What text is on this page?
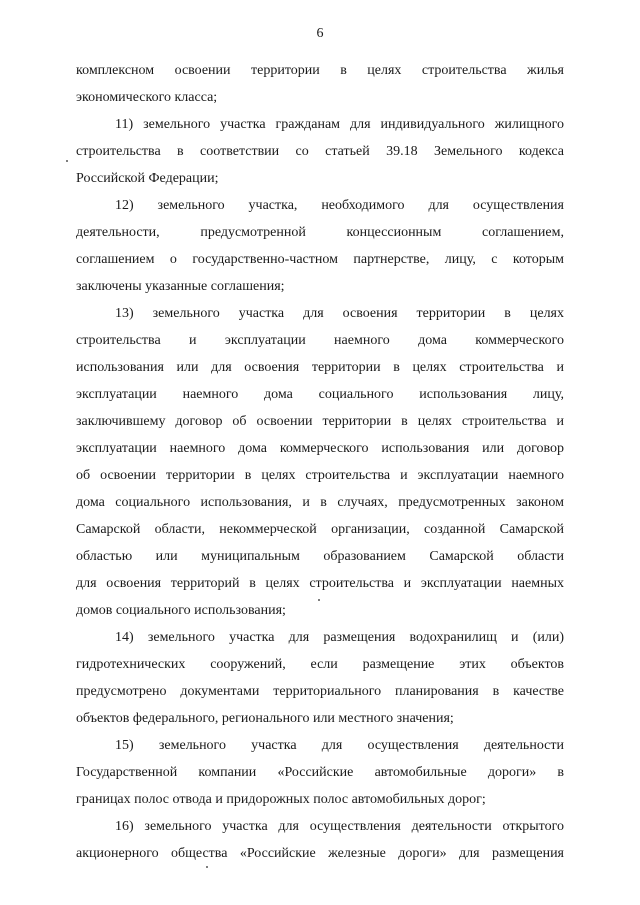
6

комплексном освоении территории в целях строительства жилья
экономического класса;

11) земельного участка гражданам для индивидуального жилищного
строительства в соответствии со статьей 39.18 Земельного кодекса
Российской Федерации;

12) земельного участка, необходимого для осуществления
деятельности, предусмотренной концессионным соглашением,
соглашением о государственно-частном партнерстве, лицу, с которым
заключены указанные соглашения;

13) земельного участка для освоения территории в целях
строительства и эксплуатации наемного дома коммерческого
использования или для освоения территории в целях строительства и
эксплуатации наемного дома социального использования лицу,
заключившему договор об освоении территории в целях строительства и
эксплуатации наемного дома коммерческого использования или договор
об освоении территории в целях строительства и эксплуатации наемного
дома социального использования, и в случаях, предусмотренных законом
Самарской области, некоммерческой организации, созданной Самарской
областью или муниципальным образованием Самарской области
для освоения территорий в целях строительства и эксплуатации наемных
домов социального использования;

14) земельного участка для размещения водохранилищ и (или)
гидротехнических сооружений, если размещение этих объектов
предусмотрено документами территориального планирования в качестве
объектов федерального, регионального или местного значения;

15) земельного участка для осуществления деятельности
Государственной компании «Российские автомобильные дороги» в
границах полос отвода и придорожных полос автомобильных дорог;

16) земельного участка для осуществления деятельности открытого
акционерного общества «Российские железные дороги» для размещения
